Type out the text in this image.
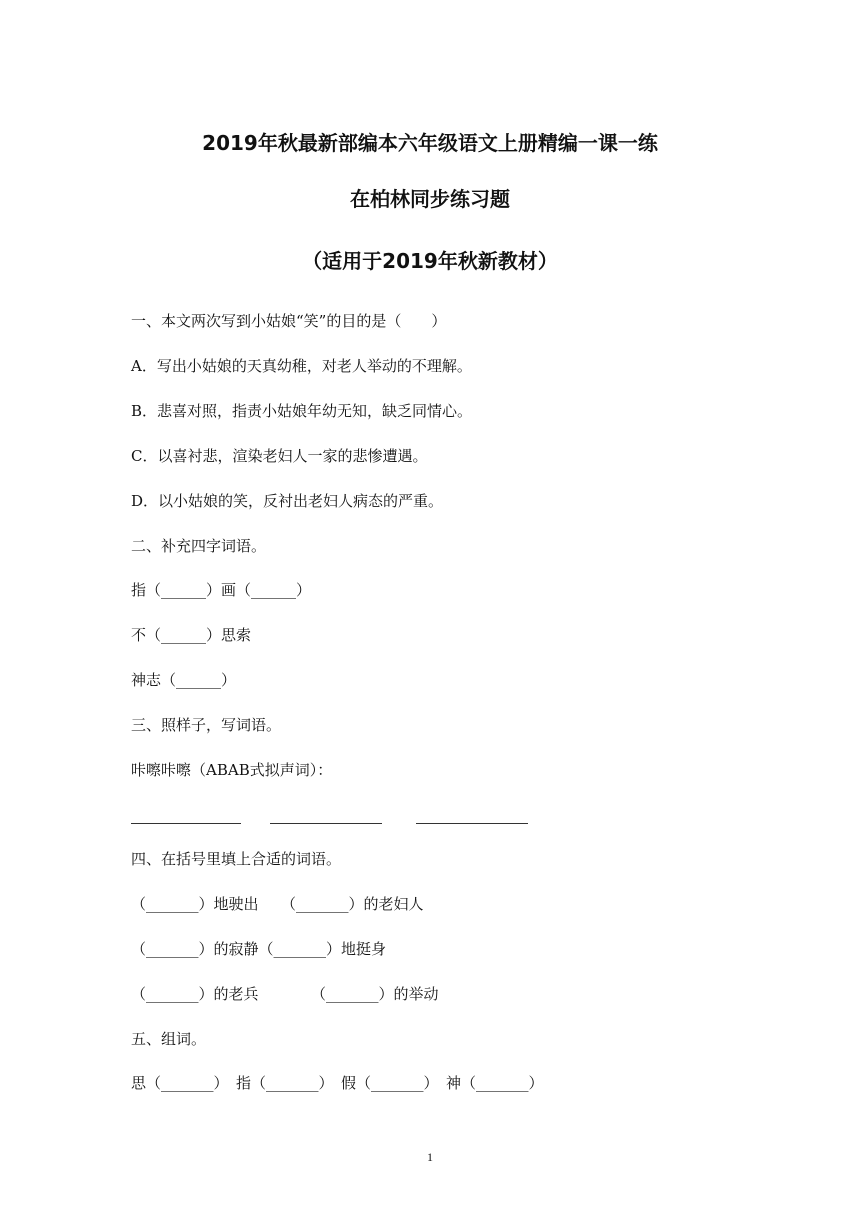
2019年秋最新部编本六年级语文上册精编一课一练
在柏林同步练习题
（适用于2019年秋新教材）
一、本文两次写到小姑娘“笑”的目的是（　　）
A．写出小姑娘的天真幼稚，对老人举动的不理解。
B．悲喜对照，指责小姑娘年幼无知，缺乏同情心。
C．以喜衬悲，渲染老妇人一家的悲惨遭遇。
D．以小姑娘的笑，反衬出老妇人病态的严重。
二、补充四字词语。
指（______）画（______）
不（______）思索
神志（______）
三、照样子，写词语。
咔嚓咔嚓（ABAB式拟声词）：
四、在括号里填上合适的词语。
（_______）地驶出　　（_______）的老妇人
（_______）的寂静（_______）地挺身
（_______）的老兵　　　　（_______）的举动
五、组词。
思（_______）　指（_______）　假（_______）　神（_______）
1
